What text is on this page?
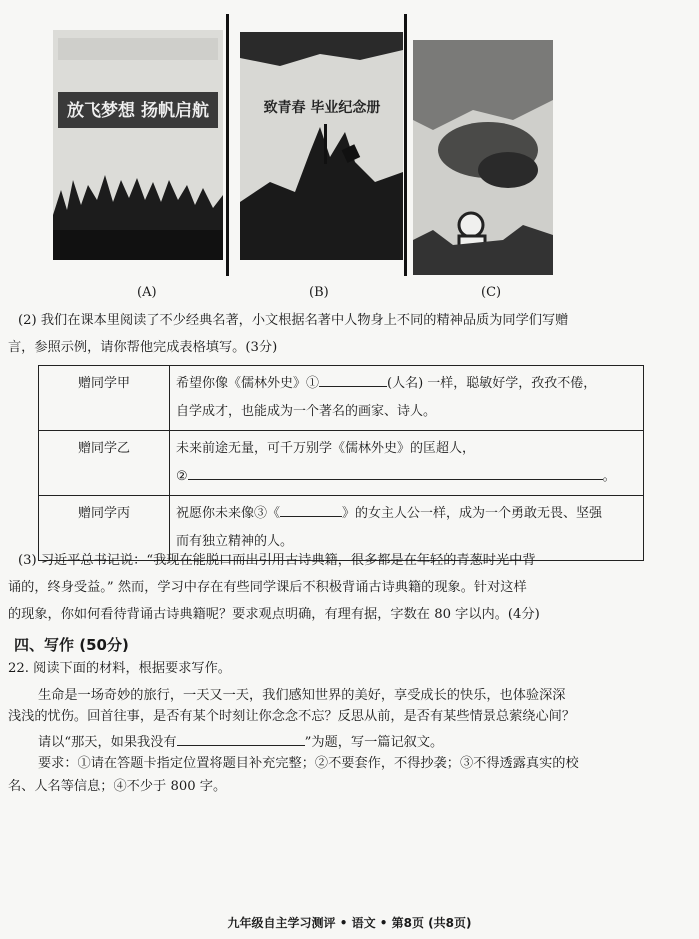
放飞梦想 扬帆启航	致青春 毕业纪念册
(A)	(B)	(C)
(2) 我们在课本里阅读了不少经典名著，小文根据名著中人物身上不同的精神品质为同学们写赠
言，参照示例，请你帮他完成表格填写。(3分)
赠同学甲	希望你像《儒林外史》① (人名) 一样，聪敏好学，孜孜不倦，
自学成才，也能成为一个著名的画家、诗人。
赠同学乙	未来前途无量，可千万别学《儒林外史》的匡超人，
② 。
赠同学丙	祝愿你未来像③《 》的女主人公一样，成为一个勇敢无畏、坚强
而有独立精神的人。
(3) 习近平总书记说：“我现在能脱口而出引用古诗典籍，很多都是在年轻的青葱时光中背
诵的，终身受益。” 然而，学习中存在有些同学课后不积极背诵古诗典籍的现象。针对这样
的现象，你如何看待背诵古诗典籍呢？要求观点明确，有理有据，字数在 80 字以内。(4分)
四、写作 (50分)
22. 阅读下面的材料，根据要求写作。
生命是一场奇妙的旅行，一天又一天，我们感知世界的美好，享受成长的快乐，也体验深深
浅浅的忧伤。回首往事，是否有某个时刻让你念念不忘？反思从前，是否有某些情景总萦绕心间？
请以“那天，如果我没有	”为题，写一篇记叙文。
要求：①请在答题卡指定位置将题目补充完整；②不要套作，不得抄袭；③不得透露真实的校
名、人名等信息；④不少于 800 字。
九年级自主学习测评 • 语文 • 第8页 (共8页)
